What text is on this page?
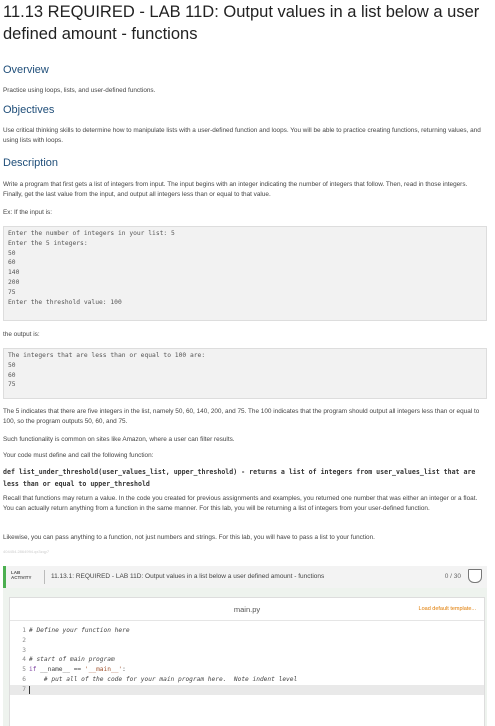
11.13 REQUIRED - LAB 11D: Output values in a list below a user defined amount - functions
Overview

Practice using loops, lists, and user-defined functions.

Objectives

Use critical thinking skills to determine how to manipulate lists with a user-defined function and loops. You will be able to practice creating functions, returning values, and using lists with loops.

Description

Write a program that first gets a list of integers from input. The input begins with an integer indicating the number of integers that follow. Then, read in those integers. Finally, get the last value from the input, and output all integers less than or equal to that value.

Ex: If the input is:

Enter the number of integers in your list: 5
Enter the 5 integers:
50
60
140
200
75
Enter the threshold value: 100

the output is:

The integers that are less than or equal to 100 are:
50
60
75

The 5 indicates that there are five integers in the list, namely 50, 60, 140, 200, and 75. The 100 indicates that the program should output all integers less than or equal to 100, so the program outputs 50, 60, and 75.

Such functionality is common on sites like Amazon, where a user can filter results.

Your code must define and call the following function:

def list_under_threshold(user_values_list, upper_threshold) - returns a list of integers from user_values_list that are less than or equal to upper_threshold

Recall that functions may return a value. In the code you created for previous assignments and examples, you returned one number that was either an integer or a float. You can actually return anything from a function in the same manner. For this lab, you will be returning a list of integers from your user-defined function.

Likewise, you can pass anything to a function, not just numbers and strings. For this lab, you will have to pass a list to your function.

404454.2864994.qx3zqy7
LAB
ACTIVITY	11.13.1: REQUIRED - LAB 11D: Output values in a list below a user defined amount - functions	0 / 30
main.py	Load default template...
1 # Define your function here
2
3
4 # start of main program
5 if __name__ == '__main__':
6 # put all of the code for your main program here.  Note indent level
7
